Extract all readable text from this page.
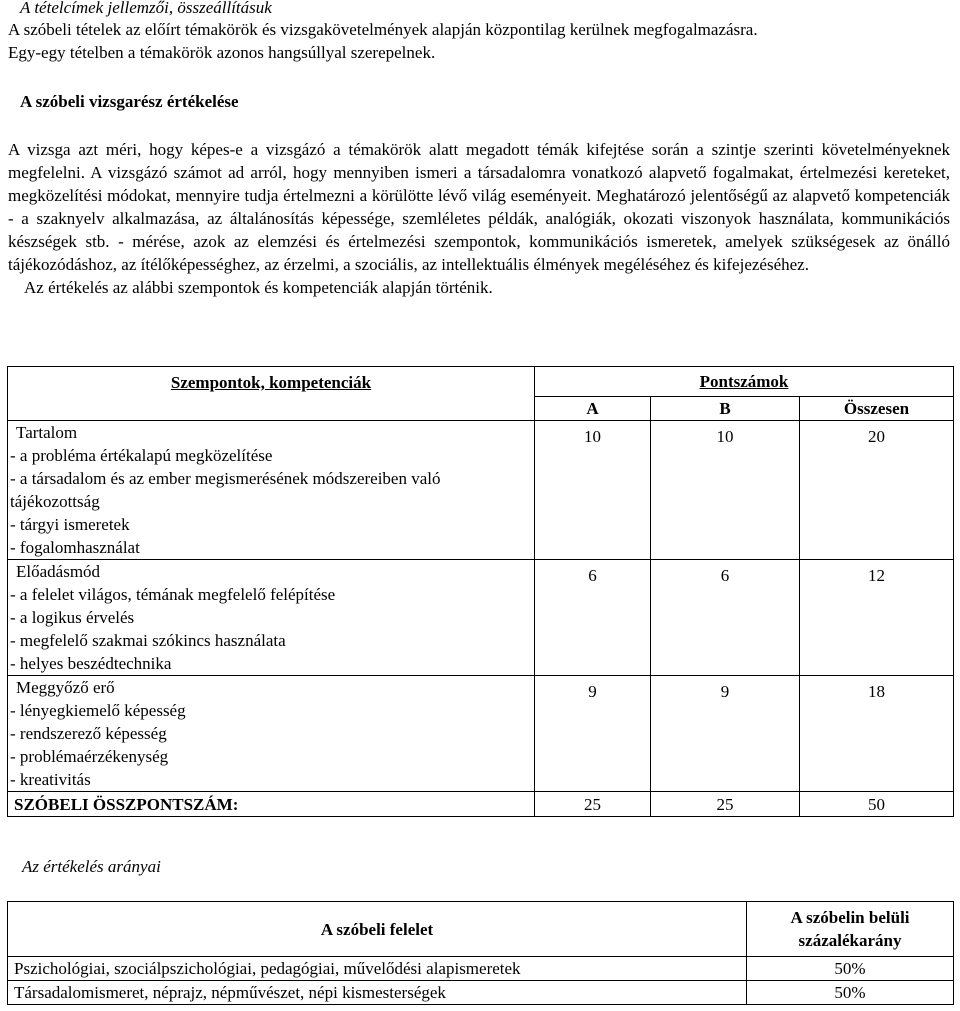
A tételcímek jellemzői, összeállításuk
A szóbeli tételek az előírt témakörök és vizsgakövetelmények alapján központilag kerülnek megfogalmazásra.
Egy-egy tételben a témakörök azonos hangsúllyal szerepelnek.
A szóbeli vizsgarész értékelése

A vizsga azt méri, hogy képes-e a vizsgázó a témakörök alatt megadott témák kifejtése során a szintje szerinti követelményeknek megfelelni. A vizsgázó számot ad arról, hogy mennyiben ismeri a társadalomra vonatkozó alapvető fogalmakat, értelmezési kereteket, megközelítési módokat, mennyire tudja értelmezni a körülötte lévő világ eseményeit. Meghatározó jelentőségű az alapvető kompetenciák - a szaknyelv alkalmazása, az általánosítás képessége, szemléletes példák, analógiák, okozati viszonyok használata, kommunikációs készségek stb. - mérése, azok az elemzési és értelmezési szempontok, kommunikációs ismeretek, amelyek szükségesek az önálló tájékozódáshoz, az ítélőképességhez, az érzelmi, a szociális, az intellektuális élmények megéléséhez és kifejezéséhez.

Az értékelés az alábbi szempontok és kompetenciák alapján történik.

Szempontok, kompetenciák	Pontszámok		
	A	B	Összesen

Tartalom
- a probléma értékalapú megközelítése
- a társadalom és az ember megismerésének módszereiben való tájékozottság
- tárgyi ismeretek
- fogalomhasználat	10	10	20

Előadásmód
- a felelet világos, témának megfelelő felépítése
- a logikus érvelés
- megfelelő szakmai szókincs használata
- helyes beszédtechnika	6	6	12

Meggyőző erő
- lényegkiemelő képesség
- rendszerező képesség
- problémaérzékenység
- kreativitás	9	9	18
SZÓBELI ÖSSZPONTSZÁM:	25	25	50
Az értékelés arányai
A szóbeli felelet	A szóbelin belüli százalékarány
Pszichológiai, szociálpszichológiai, pedagógiai, művelődési alapismeretek	50%
Társadalomismeret, néprajz, népművészet, népi kismesterségek	50%
